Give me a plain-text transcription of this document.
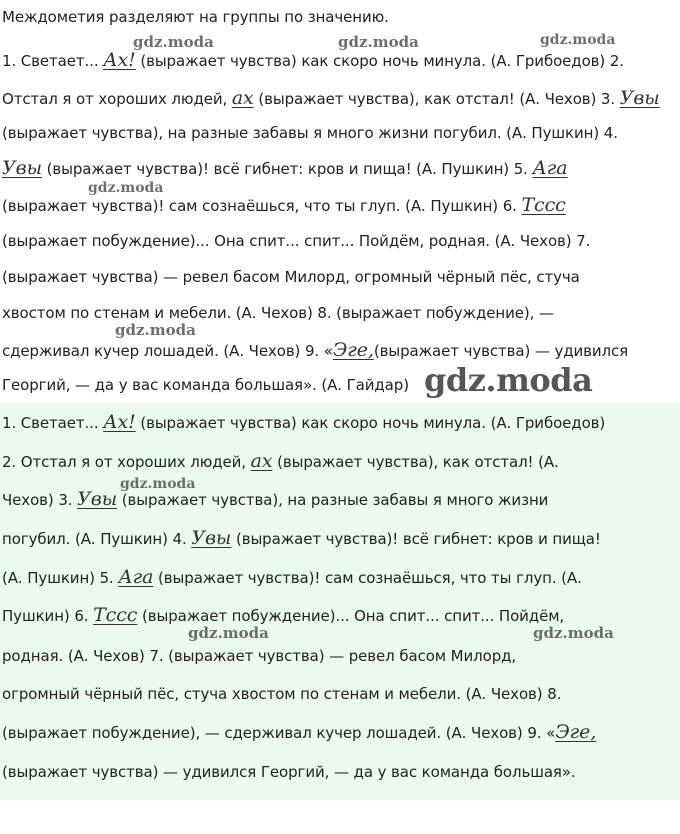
Междометия разделяют на группы по значению.

1. Светает... Ах! (выражает чувства) как скоро ночь минула. (А. Грибоедов) 2.

Отстал я от хороших людей, ах (выражает чувства), как отстал! (А. Чехов) 3. Увы

(выражает чувства), на разные забавы я много жизни погубил. (А. Пушкин) 4.

Увы (выражает чувства)! всё гибнет: кров и пища! (А. Пушкин) 5. Ага

(выражает чувства)! сам сознаёшься, что ты глуп. (А. Пушкин) 6. Тссс

(выражает побуждение)... Она спит... спит... Пойдём, родная. (А. Чехов) 7.

(выражает чувства) — ревел басом Милорд, огромный чёрный пёс, стуча

хвостом по стенам и мебели. (А. Чехов) 8. (выражает побуждение), —

сдерживал кучер лошадей. (А. Чехов) 9. «Эге,(выражает чувства) — удивился

Георгий, — да у вас команда большая». (А. Гайдар)

gdz.moda	gdz.moda	gdz.moda
gdz.moda
gdz.moda
gdz.moda

1. Светает... Ах! (выражает чувства) как скоро ночь минула. (А. Грибоедов)

2. Отстал я от хороших людей, ах (выражает чувства), как отстал! (А.

Чехов) 3. Увы (выражает чувства), на разные забавы я много жизни

погубил. (А. Пушкин) 4. Увы (выражает чувства)! всё гибнет: кров и пища!

(А. Пушкин) 5. Ага (выражает чувства)! сам сознаёшься, что ты глуп. (А.

Пушкин) 6. Тссс (выражает побуждение)... Она спит... спит... Пойдём,

родная. (А. Чехов) 7. (выражает чувства) — ревел басом Милорд,

огромный чёрный пёс, стуча хвостом по стенам и мебели. (А. Чехов) 8.

(выражает побуждение), — сдерживал кучер лошадей. (А. Чехов) 9. «Эге,

(выражает чувства) — удивился Георгий, — да у вас команда большая».

gdz.moda
gdz.moda	gdz.moda
